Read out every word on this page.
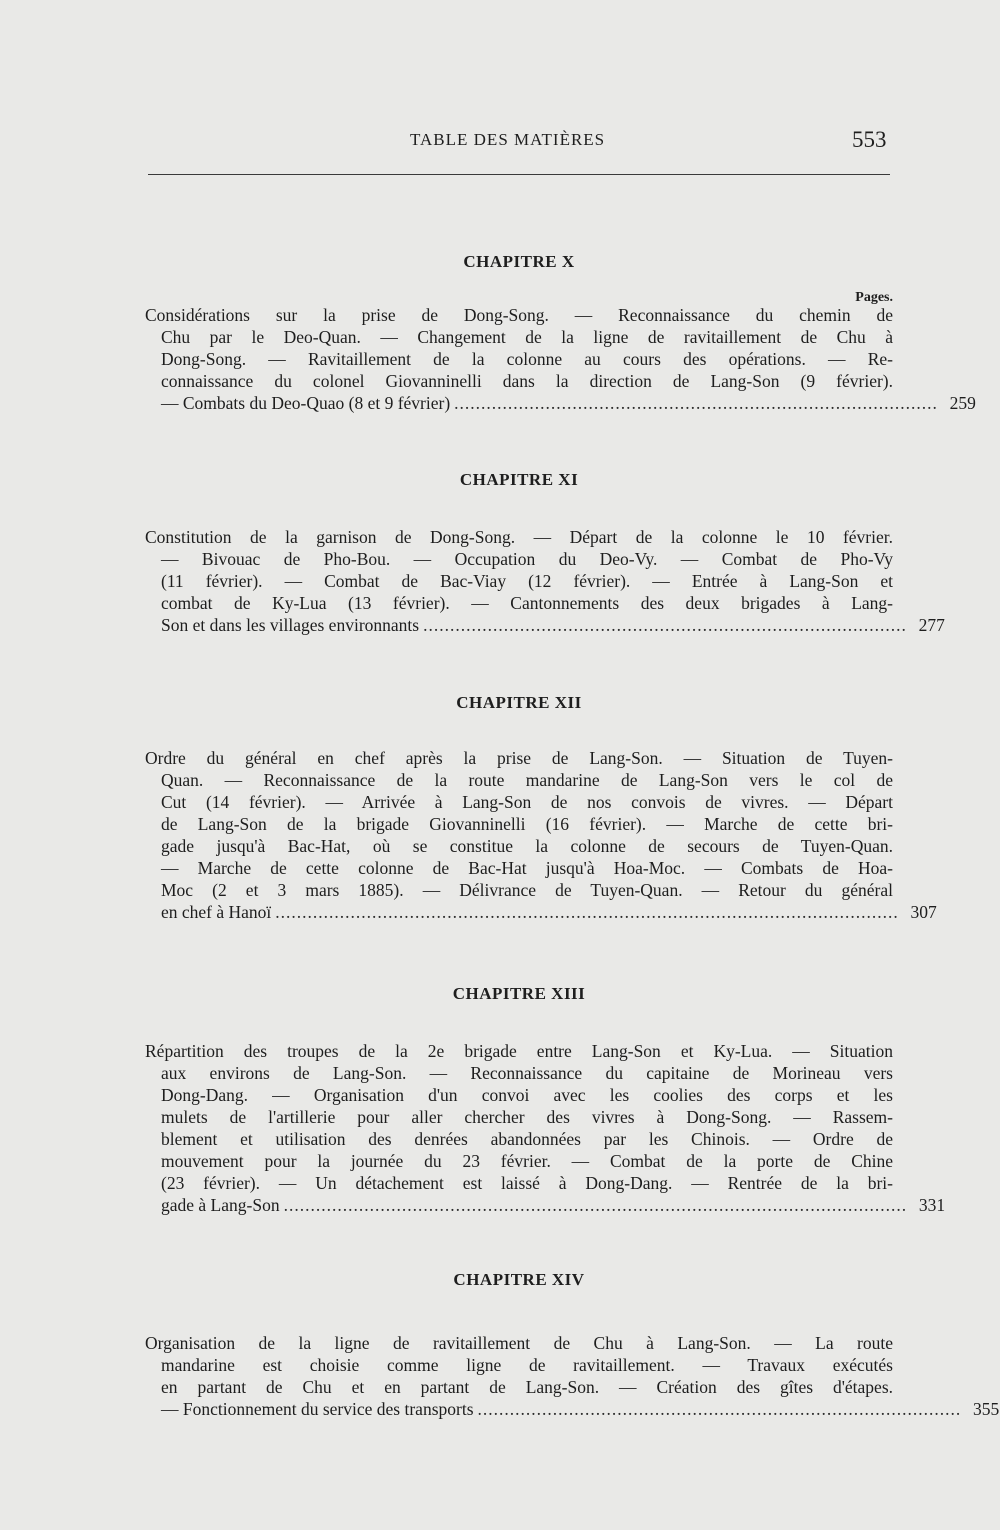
TABLE DES MATIÈRES	553
CHAPITRE X
Pages.
Considérations sur la prise de Dong-Song. — Reconnaissance du chemin de
Chu par le Deo-Quan. — Changement de la ligne de ravitaillement de Chu à
Dong-Song. — Ravitaillement de la colonne au cours des opérations. — Re-
connaissance du colonel Giovanninelli dans la direction de Lang-Son (9 février).
— Combats du Deo-Quao (8 et 9 février) .......................................................................................... 259
CHAPITRE XI
Constitution de la garnison de Dong-Song. — Départ de la colonne le 10 février.
— Bivouac de Pho-Bou. — Occupation du Deo-Vy. — Combat de Pho-Vy
(11 février). — Combat de Bac-Viay (12 février). — Entrée à Lang-Son et
combat de Ky-Lua (13 février). — Cantonnements des deux brigades à Lang-
Son et dans les villages environnants .......................................................................................... 277
CHAPITRE XII
Ordre du général en chef après la prise de Lang-Son. — Situation de Tuyen-
Quan. — Reconnaissance de la route mandarine de Lang-Son vers le col de
Cut (14 février). — Arrivée à Lang-Son de nos convois de vivres. — Départ
de Lang-Son de la brigade Giovanninelli (16 février). — Marche de cette bri-
gade jusqu'à Bac-Hat, où se constitue la colonne de secours de Tuyen-Quan.
— Marche de cette colonne de Bac-Hat jusqu'à Hoa-Moc. — Combats de Hoa-
Moc (2 et 3 mars 1885). — Délivrance de Tuyen-Quan. — Retour du général
en chef à Hanoï .................................................................................................................... 307
CHAPITRE XIII
Répartition des troupes de la 2e brigade entre Lang-Son et Ky-Lua. — Situation
aux environs de Lang-Son. — Reconnaissance du capitaine de Morineau vers
Dong-Dang. — Organisation d'un convoi avec les coolies des corps et les
mulets de l'artillerie pour aller chercher des vivres à Dong-Song. — Rassem-
blement et utilisation des denrées abandonnées par les Chinois. — Ordre de
mouvement pour la journée du 23 février. — Combat de la porte de Chine
(23 février). — Un détachement est laissé à Dong-Dang. — Rentrée de la bri-
gade à Lang-Son .................................................................................................................... 331
CHAPITRE XIV
Organisation de la ligne de ravitaillement de Chu à Lang-Son. — La route
mandarine est choisie comme ligne de ravitaillement. — Travaux exécutés
en partant de Chu et en partant de Lang-Son. — Création des gîtes d'étapes.
— Fonctionnement du service des transports .......................................................................................... 355
